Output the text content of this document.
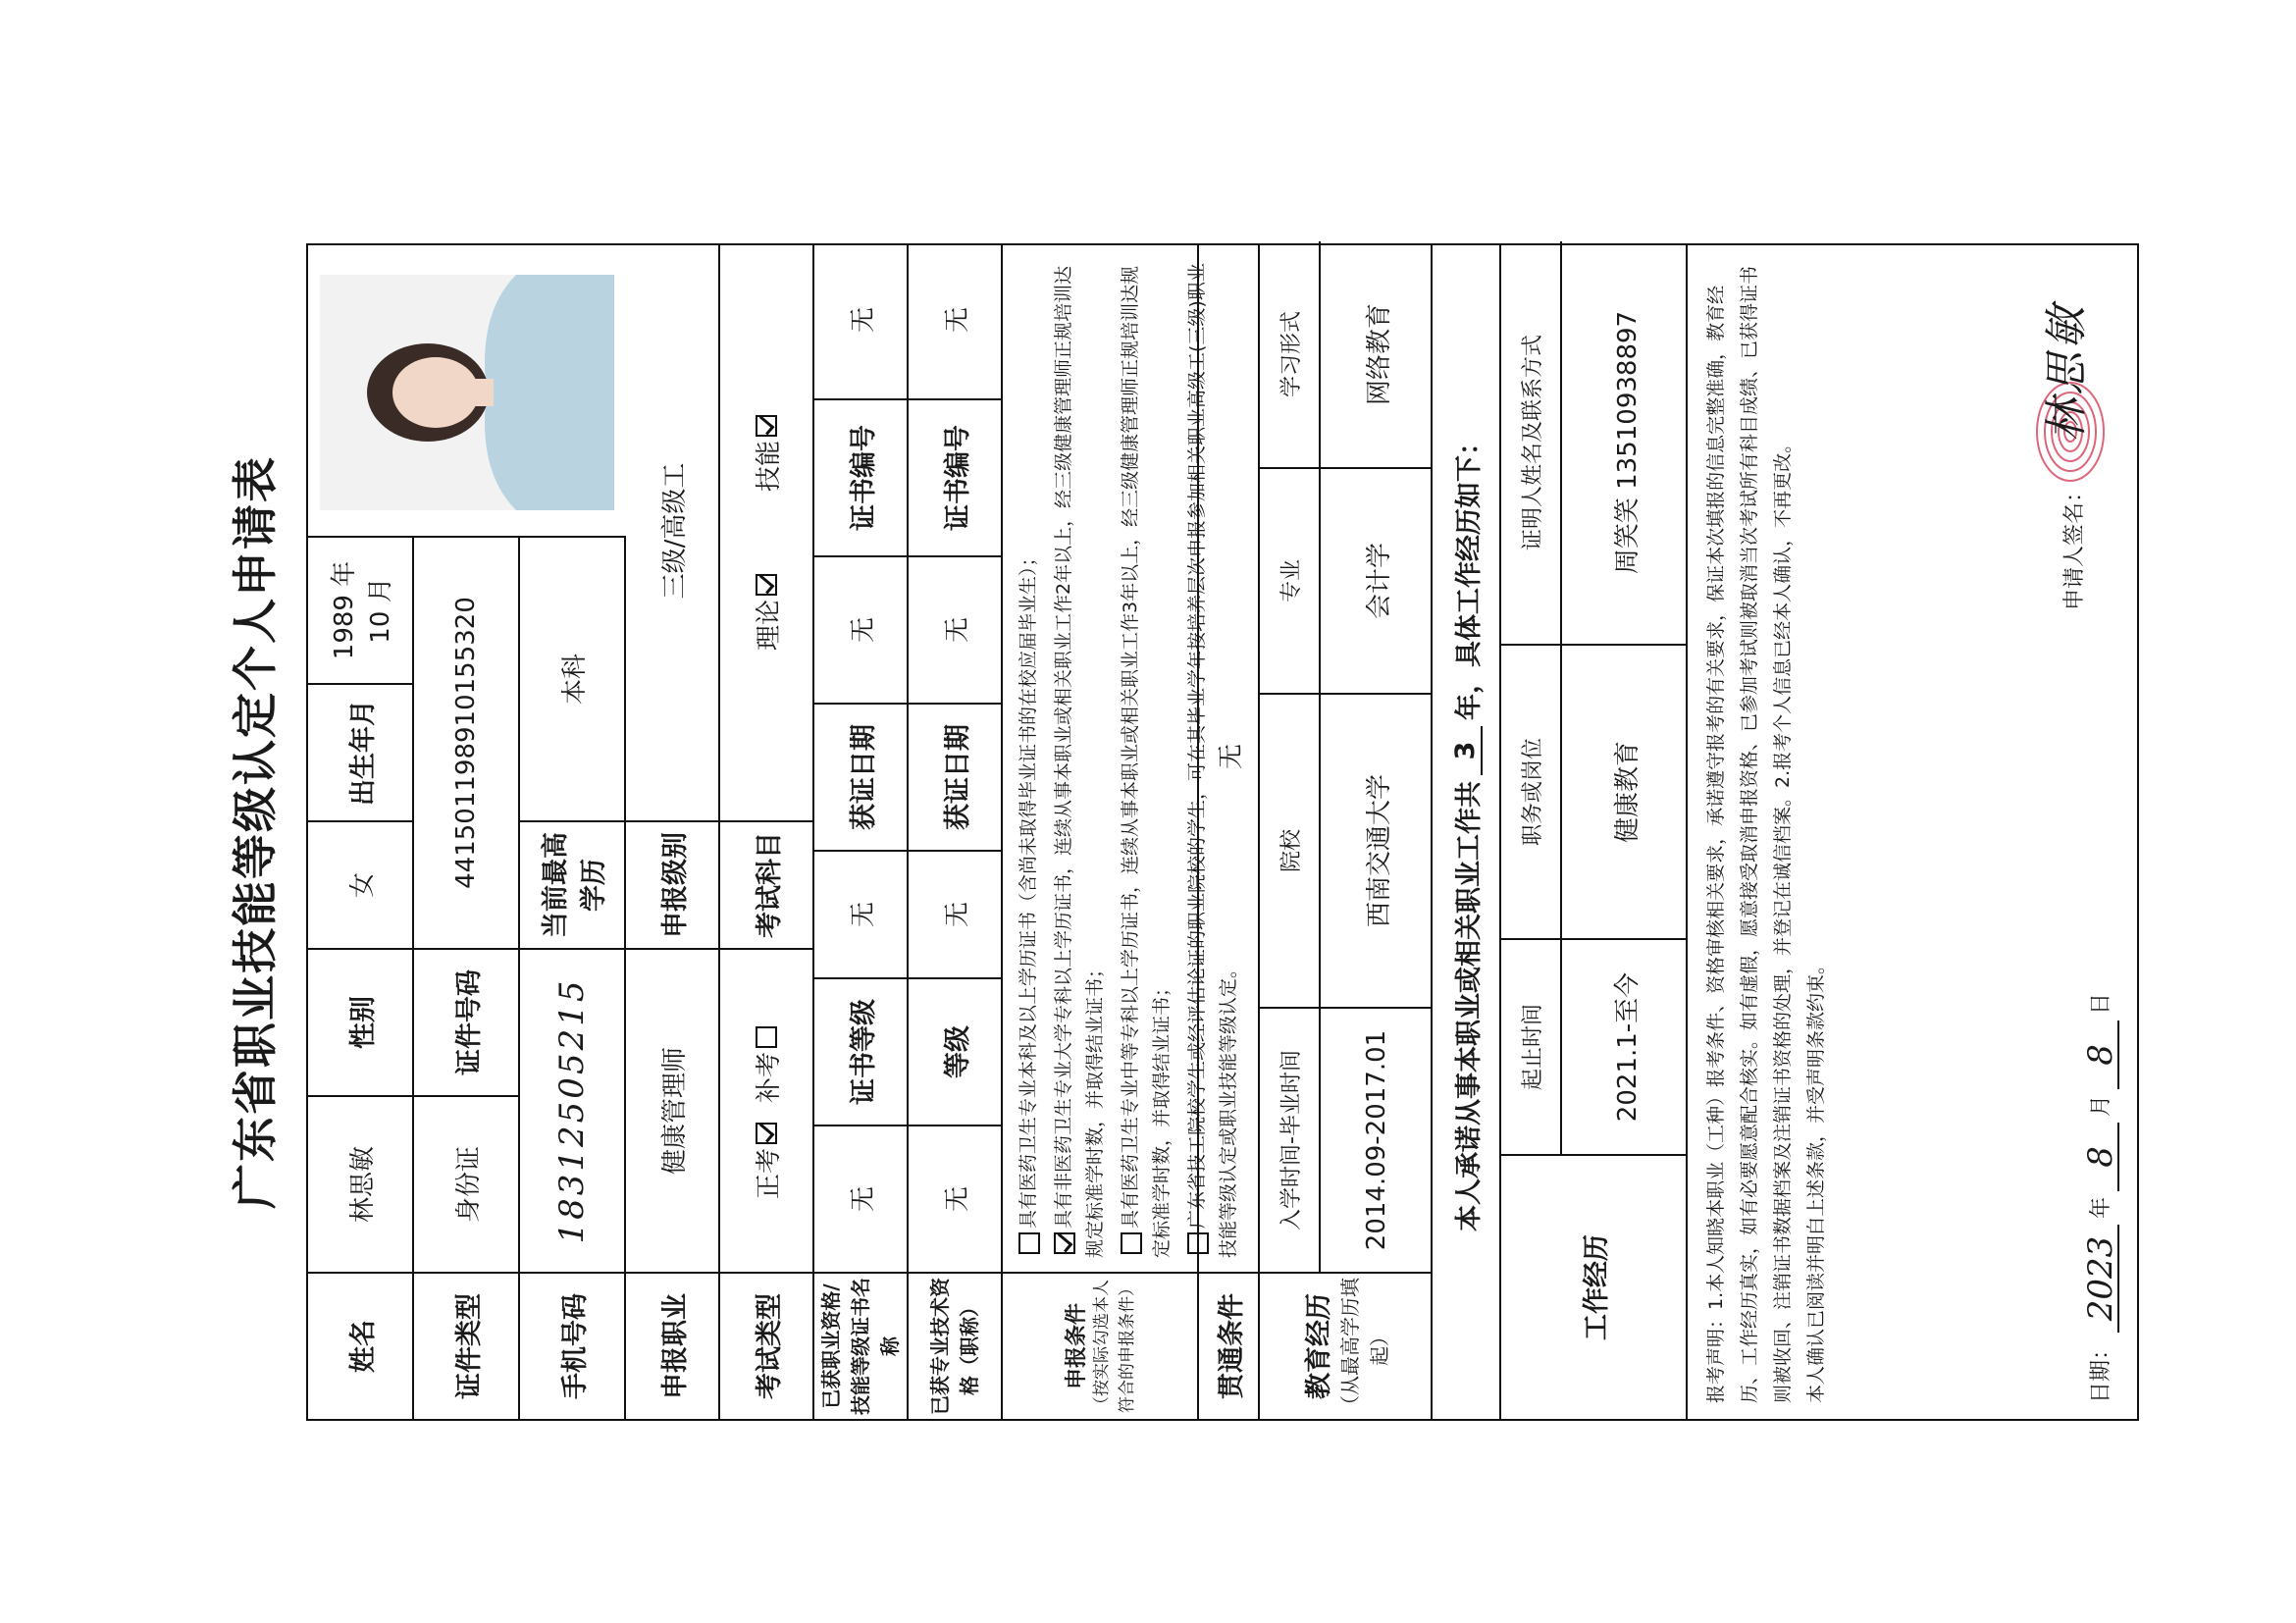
广东省职业技能等级认定个人申请表
姓名
林思敏
性别
女
出生年月
1989 年 10 月
证件类型
身份证
证件号码
441501198910155320
手机号码
18312505215
当前最高学历
本科
申报职业
健康管理师
申报级别
三级/高级工
考试类型
正考
补考
考试科目
理论
技能
已获职业资格/技能等级证书名称
无
证书等级
无
获证日期
无
证书编号
无
已获专业技术资格（职称）
无
等级
无
获证日期
无
证书编号
无
申报条件 （按实际勾选本人符合的申报条件）

具有医药卫生专业本科及以上学历证书（含尚未取得毕业证书的在校应届毕业生）； 具有非医药卫生专业大学专科以上学历证书，连续从事本职业或相关职业工作2年以上，经三级健康管理师正规培训达规定标准学时数，并取得结业证书； 具有医药卫生专业中等专科以上学历证书，连续从事本职业或相关职业工作3年以上，经三级健康管理师正规培训达规定标准学时数，并取得结业证书； 广东省技工院校学生或经评估论证的职业院校的学生，可在其毕业学年按培养层次申报参加相关职业高级工(三级)职业技能等级认定或职业技能等级认定。

贯通条件
无
教育经历 （从最高学历填起）
入学时间-毕业时间
院校
专业
学习形式
2014.09-2017.01
西南交通大学
会计学
网络教育
本人承诺从事本职业或相关职业工作共
3
年，具体工作经历如下：
工作经历
起止时间
职务或岗位
证明人姓名及联系方式
2021.1-至今
健康教育
周笑笑 13510938897	报考声明：1.本人知晓本职业（工种）报考条件、资格审核相关要求，承诺遵守报考的有关要求，保证本次填报的信息完整准确，教育经历、工作经历真实，如有必要愿意配合核实。如有虚假，愿意接受取消申报资格、已参加考试则被取消当次考试所有科目成绩、已获得证书则被收回、注销证书数据档案及注销证书资格的处理，并登记在诚信档案。2.报考个人信息已经本人确认，不再更改。 本人确认已阅读并明白上述条款，并受声明条款约束。
申请人签名：
林思敏
日期：
2023
年
8
月
8
日
